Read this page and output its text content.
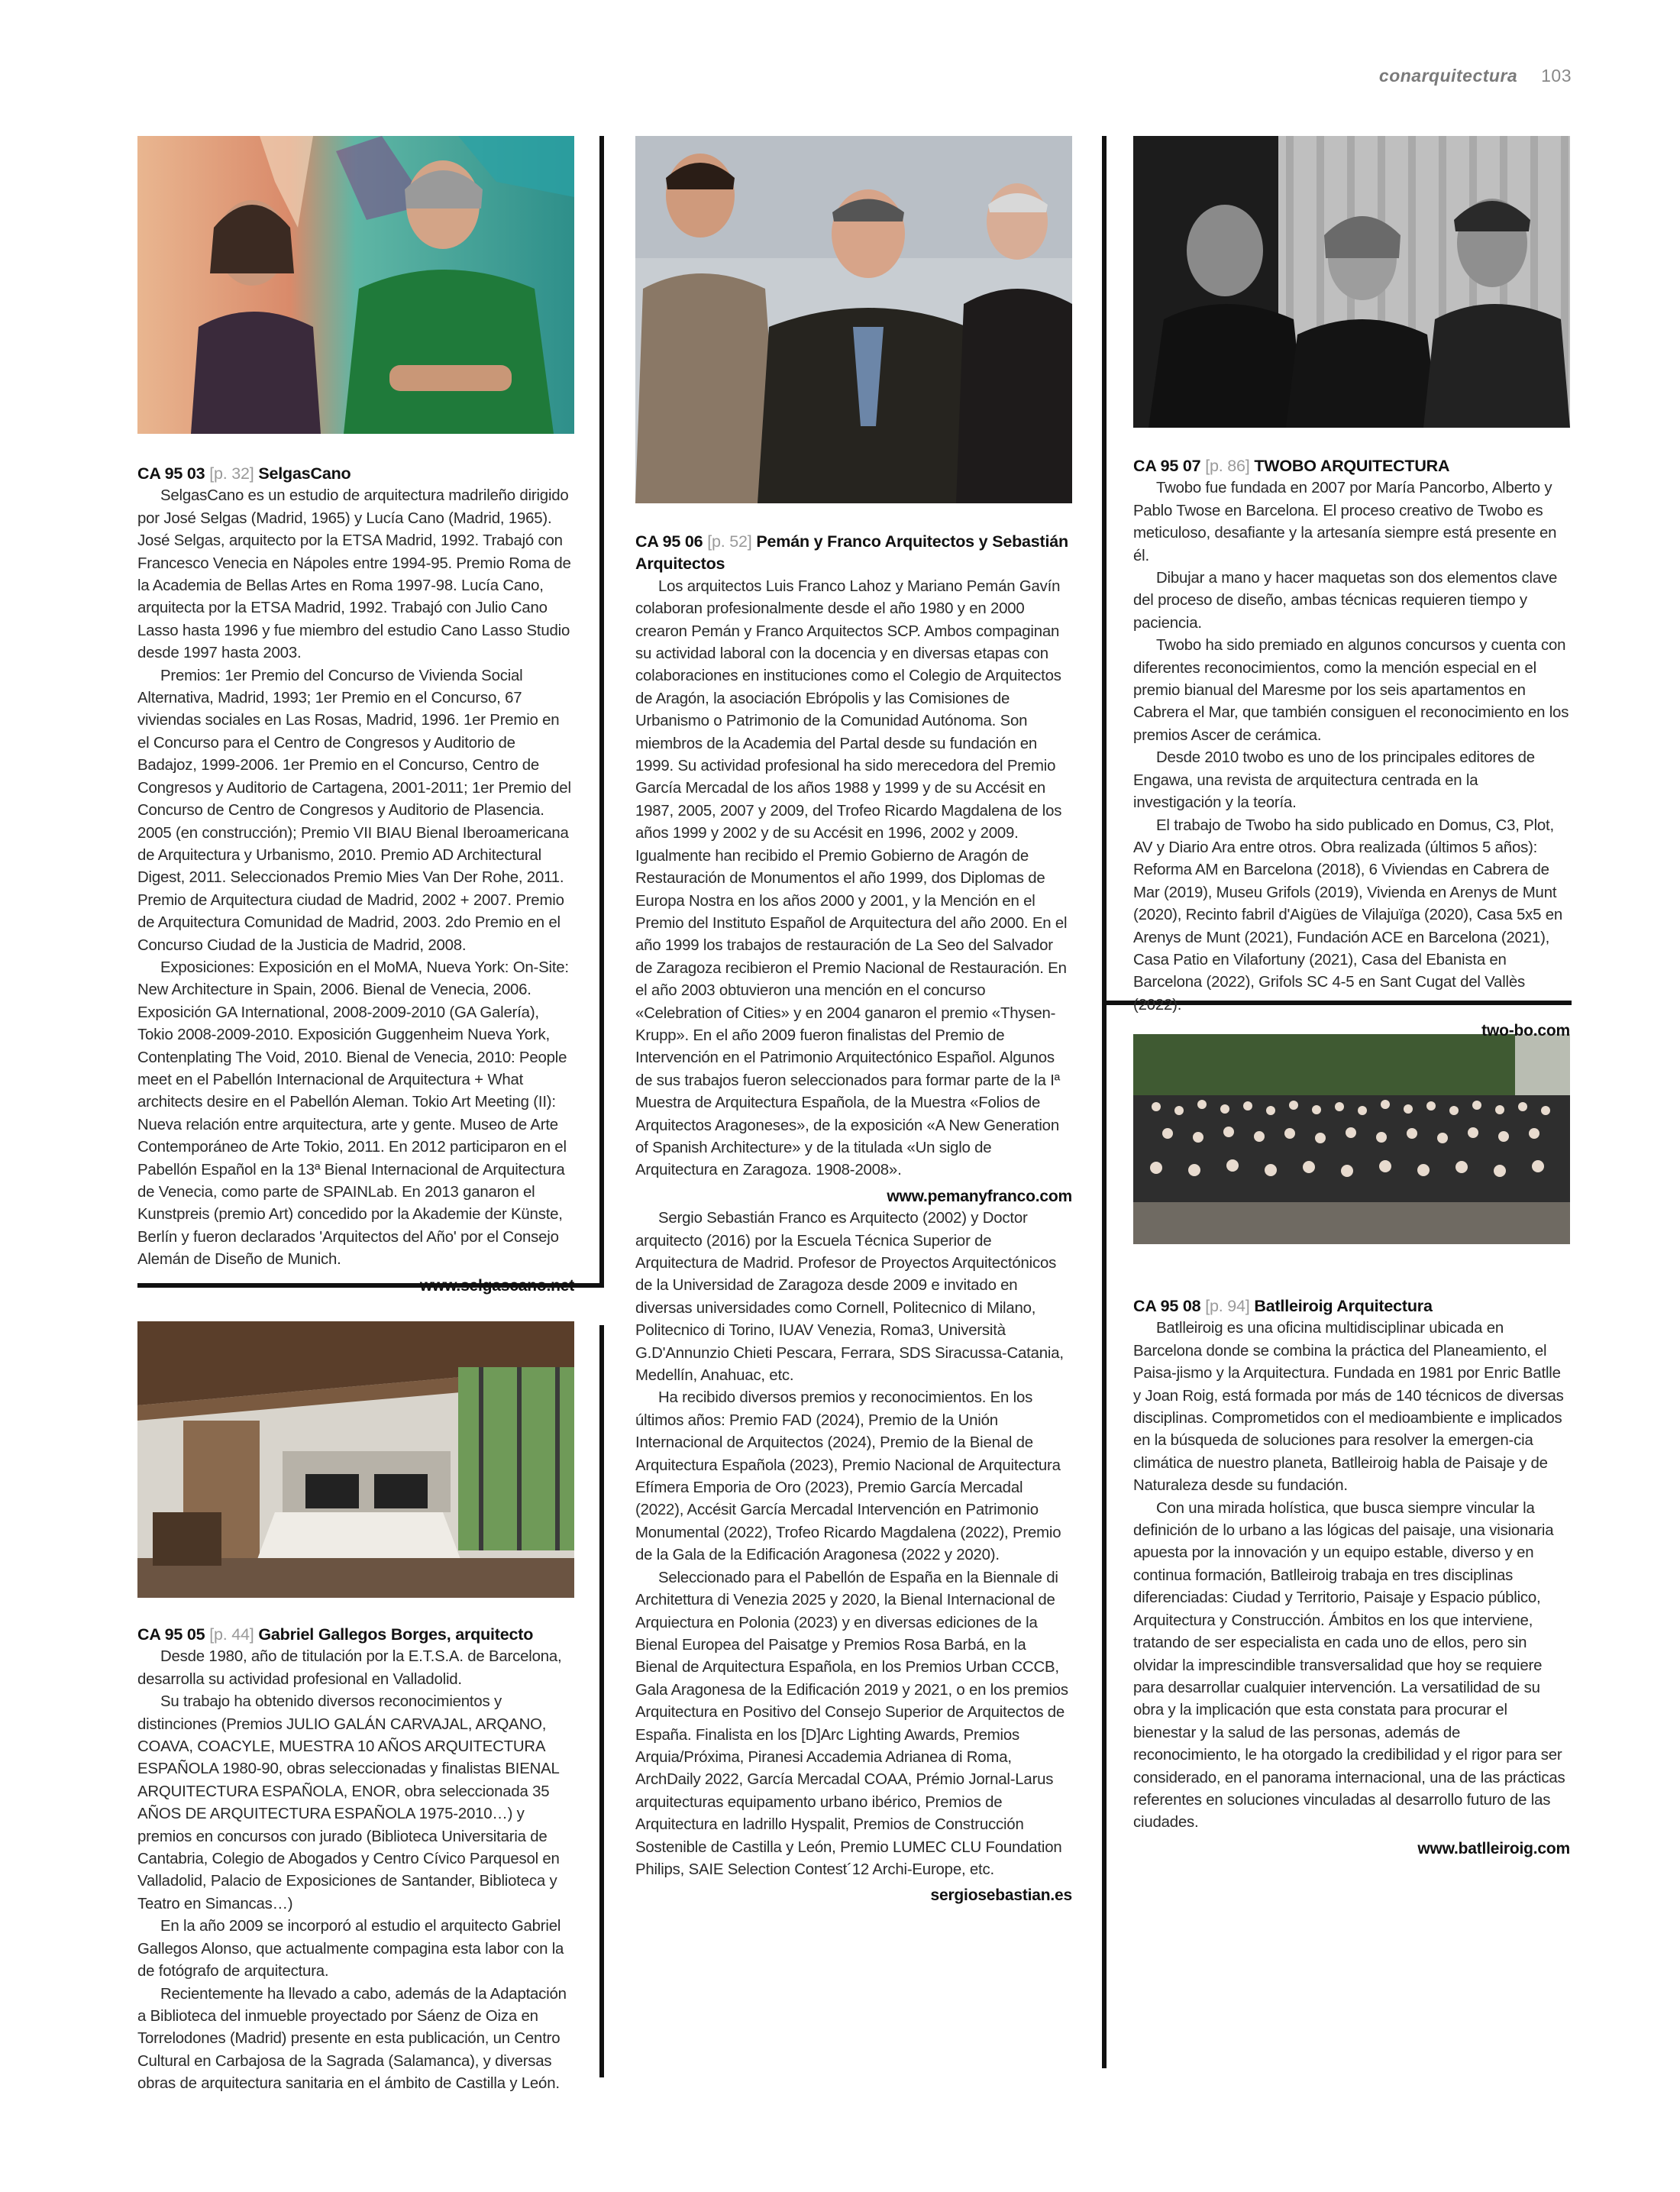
conarquitectura 103
CA 95 03 [p. 32] SelgasCano

SelgasCano es un estudio de arquitectura madrileño dirigido por José Selgas (Madrid, 1965) y Lucía Cano (Madrid, 1965). José Selgas, arquitecto por la ETSA Madrid, 1992. Trabajó con Francesco Venecia en Nápoles entre 1994-95. Premio Roma de la Academia de Bellas Artes en Roma 1997-98. Lucía Cano, arquitecta por la ETSA Madrid, 1992. Trabajó con Julio Cano Lasso hasta 1996 y fue miembro del estudio Cano Lasso Studio desde 1997 hasta 2003.

Premios: 1er Premio del Concurso de Vivienda Social Alternativa, Madrid, 1993; 1er Premio en el Concurso, 67 viviendas sociales en Las Rosas, Madrid, 1996. 1er Premio en el Concurso para el Centro de Congresos y Auditorio de Badajoz, 1999-2006. 1er Premio en el Concurso, Centro de Congresos y Auditorio de Cartagena, 2001-2011; 1er Premio del Concurso de Centro de Congresos y Auditorio de Plasencia. 2005 (en construcción); Premio VII BIAU Bienal Iberoamericana de Arquitectura y Urbanismo, 2010. Premio AD Architectural Digest, 2011. Seleccionados Premio Mies Van Der Rohe, 2011. Premio de Arquitectura ciudad de Madrid, 2002 + 2007. Premio de Arquitectura Comunidad de Madrid, 2003. 2do Premio en el Concurso Ciudad de la Justicia de Madrid, 2008.

Exposiciones: Exposición en el MoMA, Nueva York: On-Site: New Architecture in Spain, 2006. Bienal de Venecia, 2006. Exposición GA International, 2008-2009-2010 (GA Galería), Tokio 2008-2009-2010. Exposición Guggenheim Nueva York, Contenplating The Void, 2010. Bienal de Venecia, 2010: People meet en el Pabellón Internacional de Arquitectura + What architects desire en el Pabellón Aleman. Tokio Art Meeting (II): Nueva relación entre arquitectura, arte y gente. Museo de Arte Contemporáneo de Arte Tokio, 2011. En 2012 participaron en el Pabellón Español en la 13ª Bienal Internacional de Arquitectura de Venecia, como parte de SPAINLab. En 2013 ganaron el Kunstpreis (premio Art) concedido por la Akademie der Künste, Berlín y fueron declarados 'Arquitectos del Año' por el Consejo Alemán de Diseño de Munich.

www.selgascano.net
CA 95 05 [p. 44] Gabriel Gallegos Borges, arquitecto

Desde 1980, año de titulación por la E.T.S.A. de Barcelona, desarrolla su actividad profesional en Valladolid.

Su trabajo ha obtenido diversos reconocimientos y distinciones (Premios JULIO GALÁN CARVAJAL, ARQANO, COAVA, COACYLE, MUESTRA 10 AÑOS ARQUITECTURA ESPAÑOLA 1980-90, obras seleccionadas y finalistas BIENAL ARQUITECTURA ESPAÑOLA, ENOR, obra seleccionada 35 AÑOS DE ARQUITECTURA ESPAÑOLA 1975-2010…) y premios en concursos con jurado (Biblioteca Universitaria de Cantabria, Colegio de Abogados y Centro Cívico Parquesol en Valladolid, Palacio de Exposiciones de Santander, Biblioteca y Teatro en Simancas…)

En la año 2009 se incorporó al estudio el arquitecto Gabriel Gallegos Alonso, que actualmente compagina esta labor con la de fotógrafo de arquitectura.

Recientemente ha llevado a cabo, además de la Adaptación a Biblioteca del inmueble proyectado por Sáenz de Oiza en Torrelodones (Madrid) presente en esta publicación, un Centro Cultural en Carbajosa de la Sagrada (Salamanca), y diversas obras de arquitectura sanitaria en el ámbito de Castilla y León.

CA 95 06 [p. 52] Pemán y Franco Arquitectos y Sebastián Arquitectos

Los arquitectos Luis Franco Lahoz y Mariano Pemán Gavín colaboran profesionalmente desde el año 1980 y en 2000 crearon Pemán y Franco Arquitectos SCP. Ambos compaginan su actividad laboral con la docencia y en diversas etapas con colaboraciones en instituciones como el Colegio de Arquitectos de Aragón, la asociación Ebrópolis y las Comisiones de Urbanismo o Patrimonio de la Comunidad Autónoma. Son miembros de la Academia del Partal desde su fundación en 1999. Su actividad profesional ha sido merecedora del Premio García Mercadal de los años 1988 y 1999 y de su Accésit en 1987, 2005, 2007 y 2009, del Trofeo Ricardo Magdalena de los años 1999 y 2002 y de su Accésit en 1996, 2002 y 2009. Igualmente han recibido el Premio Gobierno de Aragón de Restauración de Monumentos el año 1999, dos Diplomas de Europa Nostra en los años 2000 y 2001, y la Mención en el Premio del Instituto Español de Arquitectura del año 2000. En el año 1999 los trabajos de restauración de La Seo del Salvador de Zaragoza recibieron el Premio Nacional de Restauración. En el año 2003 obtuvieron una mención en el concurso «Celebration of Cities» y en 2004 ganaron el premio «Thysen-Krupp». En el año 2009 fueron finalistas del Premio de Intervención en el Patrimonio Arquitectónico Español. Algunos de sus trabajos fueron seleccionados para formar parte de la Iª Muestra de Arquitectura Española, de la Muestra «Folios de Arquitectos Aragoneses», de la exposición «A New Generation of Spanish Architecture» y de la titulada «Un siglo de Arquitectura en Zaragoza. 1908-2008».

www.pemanyfranco.com

Sergio Sebastián Franco es Arquitecto (2002) y Doctor arquitecto (2016) por la Escuela Técnica Superior de Arquitectura de Madrid. Profesor de Proyectos Arquitectónicos de la Universidad de Zaragoza desde 2009 e invitado en diversas universidades como Cornell, Politecnico di Milano, Politecnico di Torino, IUAV Venezia, Roma3, Università G.D'Annunzio Chieti Pescara, Ferrara, SDS Siracussa-Catania, Medellín, Anahuac, etc.

Ha recibido diversos premios y reconocimientos. En los últimos años: Premio FAD (2024), Premio de la Unión Internacional de Arquitectos (2024), Premio de la Bienal de Arquitectura Española (2023), Premio Nacional de Arquitectura Efímera Emporia de Oro (2023), Premio García Mercadal (2022), Accésit García Mercadal Intervención en Patrimonio Monumental (2022), Trofeo Ricardo Magdalena (2022), Premio de la Gala de la Edificación Aragonesa (2022 y 2020).

Seleccionado para el Pabellón de España en la Biennale di Architettura di Venezia 2025 y 2020, la Bienal Internacional de Arquiectura en Polonia (2023) y en diversas ediciones de la Bienal Europea del Paisatge y Premios Rosa Barbá, en la Bienal de Arquitectura Española, en los Premios Urban CCCB, Gala Aragonesa de la Edificación 2019 y 2021, o en los premios Arquitectura en Positivo del Consejo Superior de Arquitectos de España. Finalista en los [D]Arc Lighting Awards, Premios Arquia/Próxima, Piranesi Accademia Adrianea di Roma, ArchDaily 2022, García Mercadal COAA, Prémio Jornal-Larus arquitecturas equipamento urbano ibérico, Premios de Arquitectura en ladrillo Hyspalit, Premios de Construcción Sostenible de Castilla y León, Premio LUMEC CLU Foundation Philips, SAIE Selection Contest´12 Archi-Europe, etc.

sergiosebastian.es
CA 95 07 [p. 86] TWOBO ARQUITECTURA

Twobo fue fundada en 2007 por María Pancorbo, Alberto y Pablo Twose en Barcelona. El proceso creativo de Twobo es meticuloso, desafiante y la artesanía siempre está presente en él.

Dibujar a mano y hacer maquetas son dos elementos clave del proceso de diseño, ambas técnicas requieren tiempo y paciencia.

Twobo ha sido premiado en algunos concursos y cuenta con diferentes reconocimientos, como la mención especial en el premio bianual del Maresme por los seis apartamentos en Cabrera el Mar, que también consiguen el reconocimiento en los premios Ascer de cerámica.

Desde 2010 twobo es uno de los principales editores de Engawa, una revista de arquitectura centrada en la investigación y la teoría.

El trabajo de Twobo ha sido publicado en Domus, C3, Plot, AV y Diario Ara entre otros. Obra realizada (últimos 5 años): Reforma AM en Barcelona (2018), 6 Viviendas en Cabrera de Mar (2019), Museu Grifols (2019), Vivienda en Arenys de Munt (2020), Recinto fabril d'Aigües de Vilajuïga (2020), Casa 5x5 en Arenys de Munt (2021), Fundación ACE en Barcelona (2021), Casa Patio en Vilafortuny (2021), Casa del Ebanista en Barcelona (2022), Grifols SC 4-5 en Sant Cugat del Vallès (2022).

two-bo.com
CA 95 08 [p. 94] Batlleiroig Arquitectura

Batlleiroig es una oficina multidisciplinar ubicada en Barcelona donde se combina la práctica del Planeamiento, el Paisa-jismo y la Arquitectura. Fundada en 1981 por Enric Batlle y Joan Roig, está formada por más de 140 técnicos de diversas disciplinas. Comprometidos con el medioambiente e implicados en la búsqueda de soluciones para resolver la emergen-cia climática de nuestro planeta, Batlleiroig habla de Paisaje y de Naturaleza desde su fundación.

Con una mirada holística, que busca siempre vincular la definición de lo urbano a las lógicas del paisaje, una visionaria apuesta por la innovación y un equipo estable, diverso y en continua formación, Batlleiroig trabaja en tres disciplinas diferenciadas: Ciudad y Territorio, Paisaje y Espacio público, Arquitectura y Construcción. Ámbitos en los que interviene, tratando de ser especialista en cada uno de ellos, pero sin olvidar la imprescindible transversalidad que hoy se requiere para desarrollar cualquier intervención. La versatilidad de su obra y la implicación que esta constata para procurar el bienestar y la salud de las personas, además de reconocimiento, le ha otorgado la credibilidad y el rigor para ser considerado, en el panorama internacional, una de las prácticas referentes en soluciones vinculadas al desarrollo futuro de las ciudades.

www.batlleiroig.com
